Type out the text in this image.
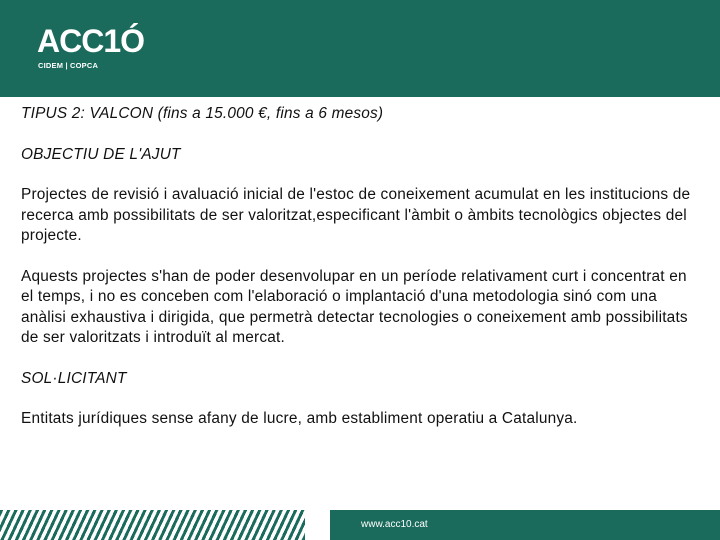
ACC1Ó
CIDEM | COPCA

TIPUS 2: VALCON (fins a 15.000 €, fins a 6 mesos)

OBJECTIU DE L'AJUT

Projectes de revisió i avaluació inicial de l'estoc de coneixement acumulat en les institucions de recerca amb possibilitats de ser valoritzat,especificant l'àmbit o àmbits tecnològics objectes del projecte.

Aquests projectes s'han de poder desenvolupar en un període relativament curt i concentrat en el temps, i no es conceben com l'elaboració o implantació d'una metodologia sinó com una anàlisi exhaustiva i dirigida, que permetrà detectar tecnologies o coneixement amb possibilitats de ser valoritzats i introduït al mercat.

SOL·LICITANT

Entitats jurídiques sense afany de lucre, amb establiment operatiu a Catalunya.

www.acc10.cat
